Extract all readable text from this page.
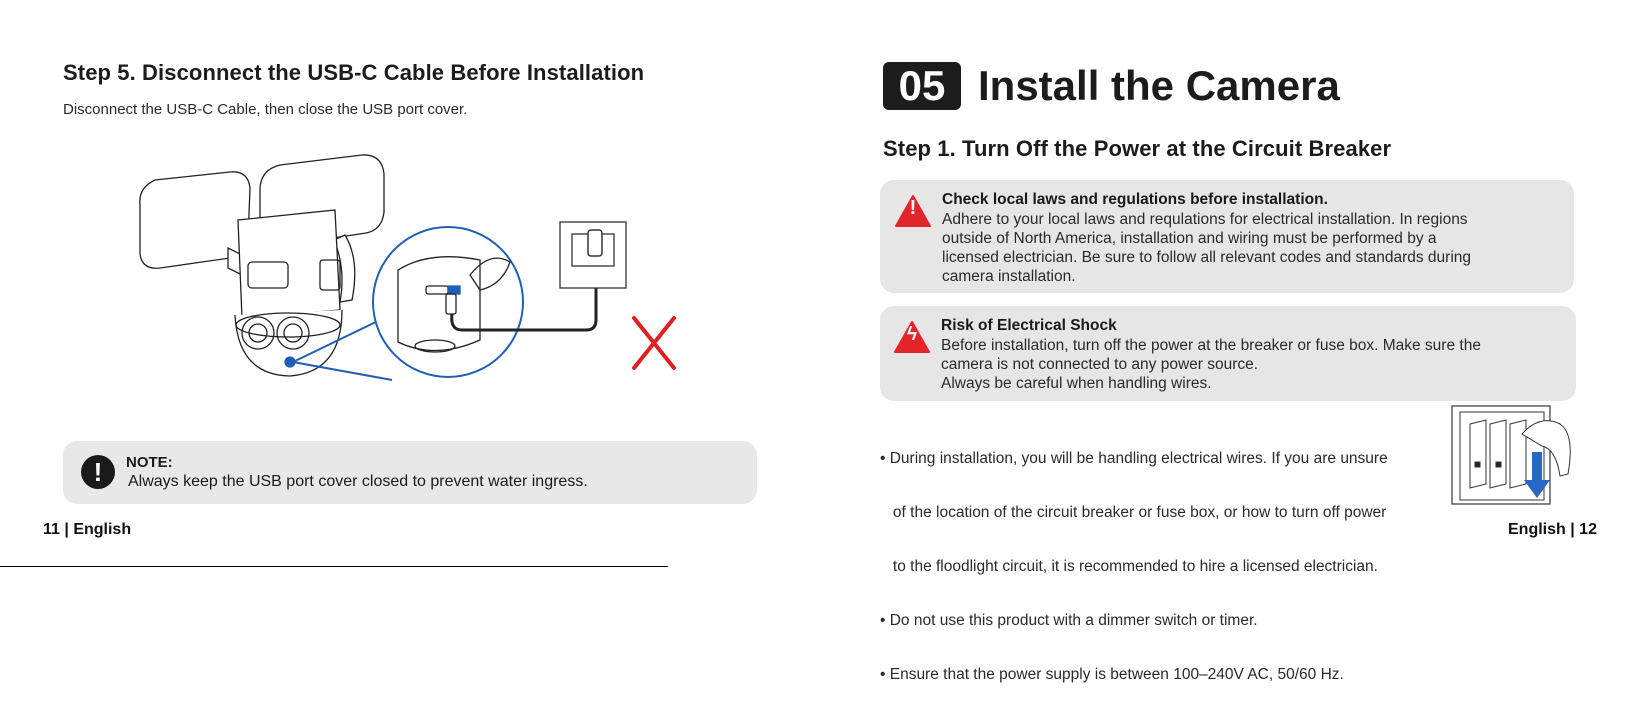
Step 5. Disconnect the USB-C Cable Before Installation
Disconnect the USB-C Cable, then close the USB port cover.
!	NOTE:
Always keep the USB port cover closed to prevent water ingress.
11 | English
05 Install the Camera
Step 1. Turn Off the Power at the Circuit Breaker
!	Check local laws and regulations before installation.
Adhere to your local laws and requlations for electrical installation. In regions
outside of North America, installation and wiring must be performed by a
licensed electrician. Be sure to follow all relevant codes and standards during
camera installation.
ϟ	Risk of Electrical Shock
Before installation, turn off the power at the breaker or fuse box. Make sure the
camera is not connected to any power source.
Always be careful when handling wires.

• During installation, you will be handling electrical wires. If you are unsure

of the location of the circuit breaker or fuse box, or how to turn off power

to the floodlight circuit, it is recommended to hire a licensed electrician.

• Do not use this product with a dimmer switch or timer.

• Ensure that the power supply is between 100–240V AC, 50/60 Hz.

English | 12
